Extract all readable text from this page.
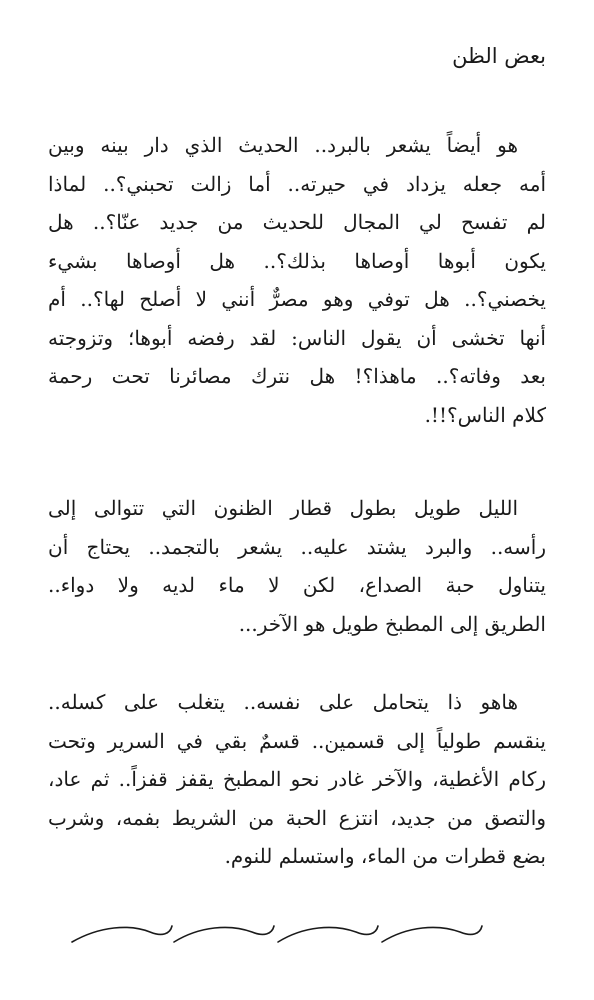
بعض الظن
هو أيضاً يشعر بالبرد.. الحديث الذي دار بينه وبين
أمه جعله يزداد في حيرته.. أما زالت تحبني؟.. لماذا
لم تفسح لي المجال للحديث من جديد عنّا؟.. هل
يكون أبوها أوصاها بذلك؟.. هل أوصاها بشيء
يخصني؟.. هل توفي وهو مصرٌّ أنني لا أصلح لها؟.. أم
أنها تخشى أن يقول الناس: لقد رفضه أبوها؛ وتزوجته
بعد وفاته؟.. ماهذا؟! هل نترك مصائرنا تحت رحمة
كلام الناس؟!!.
الليل طويل بطول قطار الظنون التي تتوالى إلى
رأسه.. والبرد يشتد عليه.. يشعر بالتجمد.. يحتاج أن
يتناول حبة الصداع، لكن لا ماء لديه ولا دواء..
الطريق إلى المطبخ طويل هو الآخر...
هاهو ذا يتحامل على نفسه.. يتغلب على كسله..
ينقسم طولياً إلى قسمين.. قسمٌ بقي في السرير وتحت
ركام الأغطية، والآخر غادر نحو المطبخ يقفز قفزاً.. ثم عاد،
والتصق من جديد، انتزع الحبة من الشريط بفمه، وشرب
بضع قطرات من الماء، واستسلم للنوم.
